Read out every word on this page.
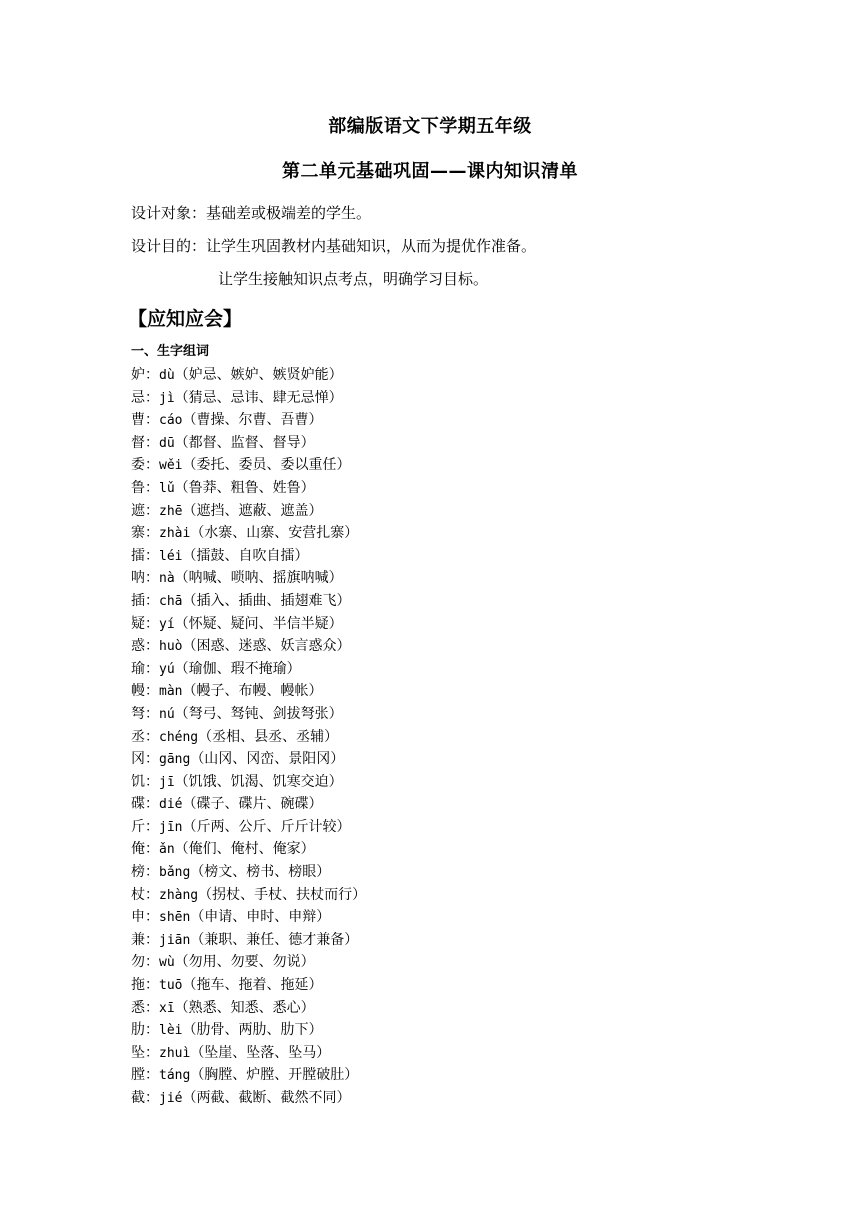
部编版语文下学期五年级
第二单元基础巩固——课内知识清单
设计对象：基础差或极端差的学生。
设计目的：让学生巩固教材内基础知识，从而为提优作准备。
让学生接触知识点考点，明确学习目标。
【应知应会】
一、生字组词
妒：dù（妒忌、嫉妒、嫉贤妒能）
忌：jì（猜忌、忌讳、肆无忌惮）
曹：cáo（曹操、尔曹、吾曹）
督：dū（都督、监督、督导）
委：wěi（委托、委员、委以重任）
鲁：lǔ（鲁莽、粗鲁、姓鲁）
遮：zhē（遮挡、遮蔽、遮盖）
寨：zhài（水寨、山寨、安营扎寨）
擂：léi（擂鼓、自吹自擂）
呐：nà（呐喊、唢呐、摇旗呐喊）
插：chā（插入、插曲、插翅难飞）
疑：yí（怀疑、疑问、半信半疑）
惑：huò（困惑、迷惑、妖言惑众）
瑜：yú（瑜伽、瑕不掩瑜）
幔：màn（幔子、布幔、幔帐）
弩：nú（弩弓、驽钝、剑拔弩张）
丞：chéng（丞相、县丞、丞辅）
冈：gāng（山冈、冈峦、景阳冈）
饥：jī（饥饿、饥渴、饥寒交迫）
碟：dié（碟子、碟片、碗碟）
斤：jīn（斤两、公斤、斤斤计较）
俺：ǎn（俺们、俺村、俺家）
榜：bǎng（榜文、榜书、榜眼）
杖：zhàng（拐杖、手杖、扶杖而行）
申：shēn（申请、申时、申辩）
兼：jiān（兼职、兼任、德才兼备）
勿：wù（勿用、勿要、勿说）
拖：tuō（拖车、拖着、拖延）
悉：xī（熟悉、知悉、悉心）
肋：lèi（肋骨、两肋、肋下）
坠：zhuì（坠崖、坠落、坠马）
膛：táng（胸膛、炉膛、开膛破肚）
截：jié（两截、截断、截然不同）
